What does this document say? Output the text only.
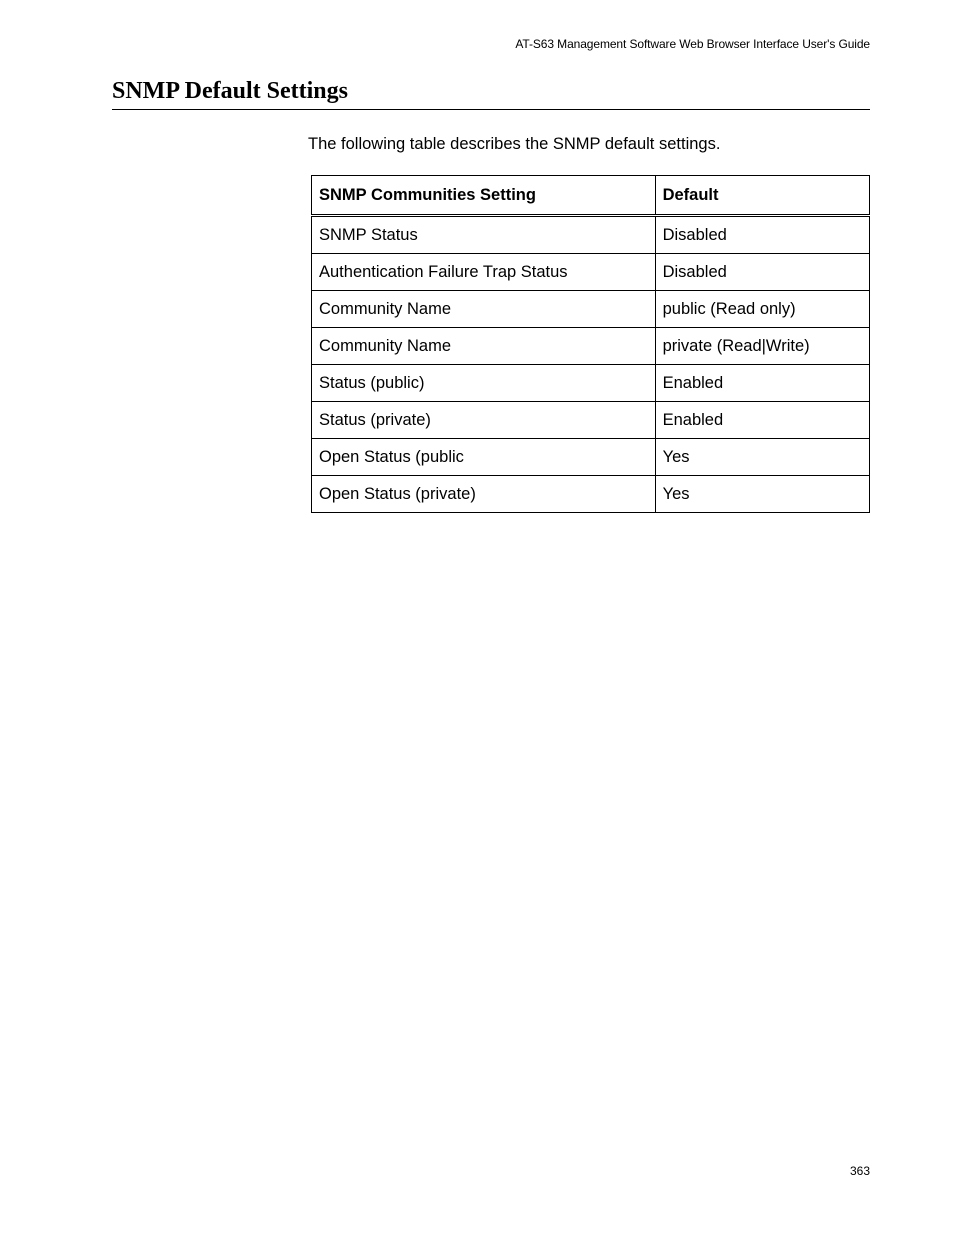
AT-S63 Management Software Web Browser Interface User's Guide
SNMP Default Settings

The following table describes the SNMP default settings.

SNMP Communities Setting	Default
SNMP Status	Disabled
Authentication Failure Trap Status	Disabled
Community Name	public (Read only)
Community Name	private (Read|Write)
Status (public)	Enabled
Status (private)	Enabled
Open Status (public	Yes
Open Status (private)	Yes
363
